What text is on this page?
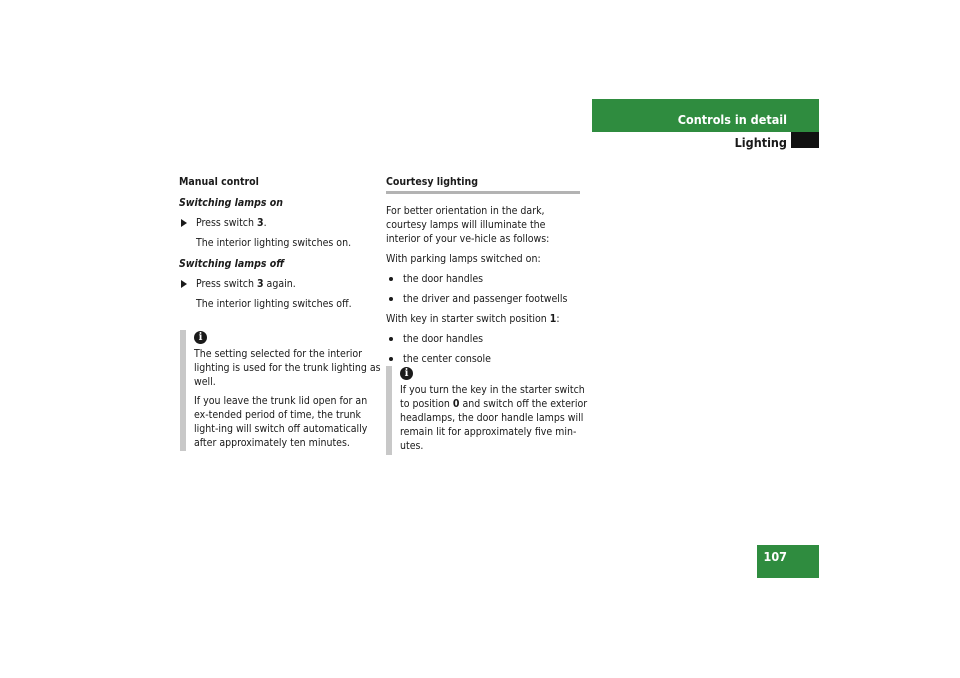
Controls in detail
Lighting

Manual control

Switching lamps on

Press switch 3.

The interior lighting switches on.

Switching lamps off

Press switch 3 again.

The interior lighting switches off.

i

The setting selected for the interior lighting is used for the trunk lighting as well.

If you leave the trunk lid open for an ex-tended period of time, the trunk light-ing will switch off automatically after approximately ten minutes.

Courtesy lighting

For better orientation in the dark, courtesy lamps will illuminate the interior of your ve-hicle as follows:

With parking lamps switched on:

the door handles

the driver and passenger footwells

With key in starter switch position 1:

the door handles

the center console

i

If you turn the key in the starter switch to position 0 and switch off the exterior headlamps, the door handle lamps will remain lit for approximately five min-utes.

107
